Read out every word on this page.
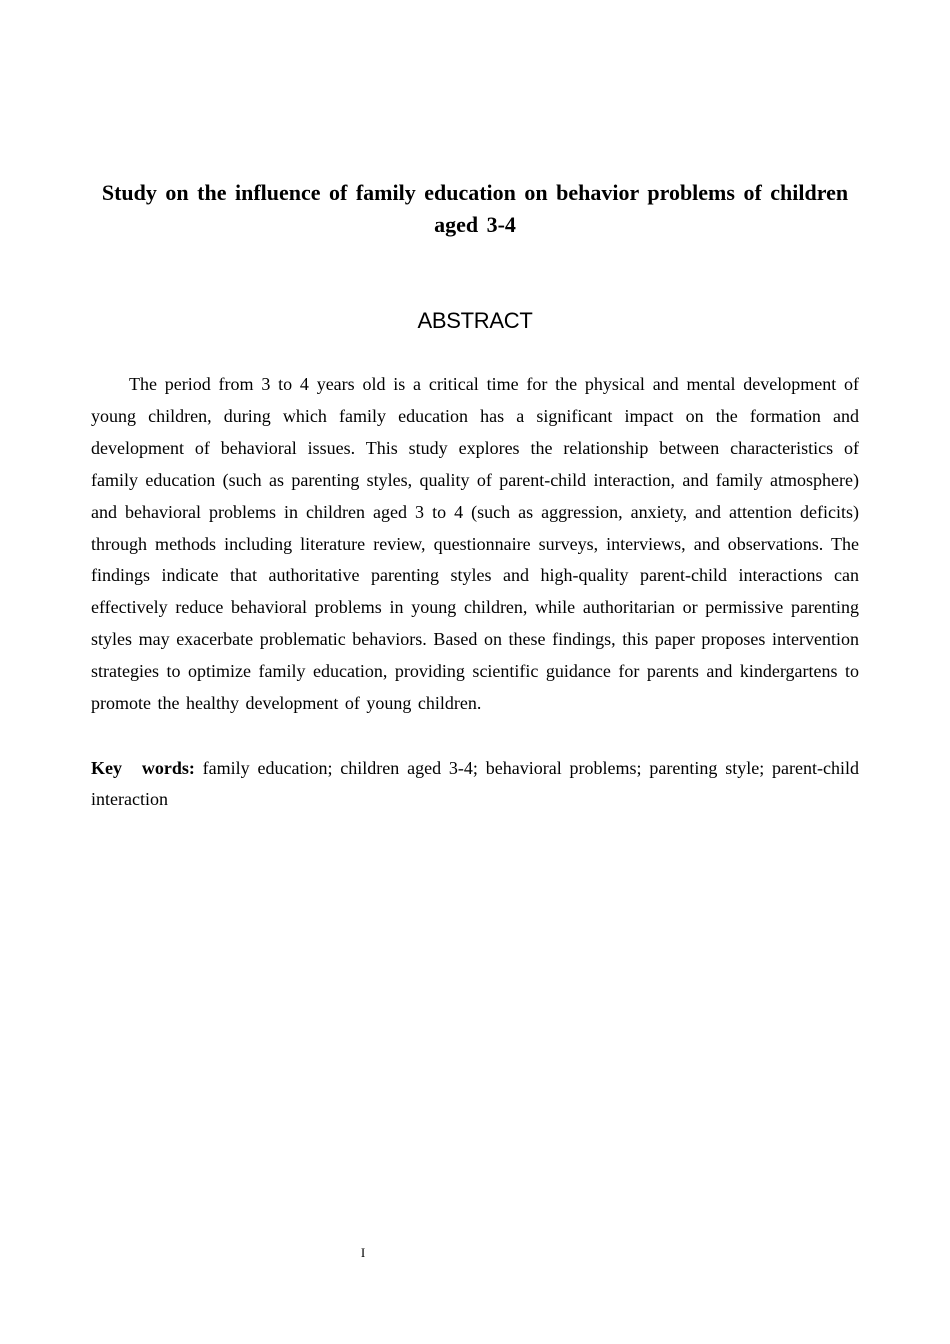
Study on the influence of family education on behavior problems of children aged 3-4
ABSTRACT

The period from 3 to 4 years old is a critical time for the physical and mental development of young children, during which family education has a significant impact on the formation and development of behavioral issues. This study explores the relationship between characteristics of family education (such as parenting styles, quality of parent-child interaction, and family atmosphere) and behavioral problems in children aged 3 to 4 (such as aggression, anxiety, and attention deficits) through methods including literature review, questionnaire surveys, interviews, and observations. The findings indicate that authoritative parenting styles and high-quality parent-child interactions can effectively reduce behavioral problems in young children, while authoritarian or permissive parenting styles may exacerbate problematic behaviors. Based on these findings, this paper proposes intervention strategies to optimize family education, providing scientific guidance for parents and kindergartens to promote the healthy development of young children.

Key words: family education; children aged 3-4; behavioral problems; parenting style; parent-child interaction

I
